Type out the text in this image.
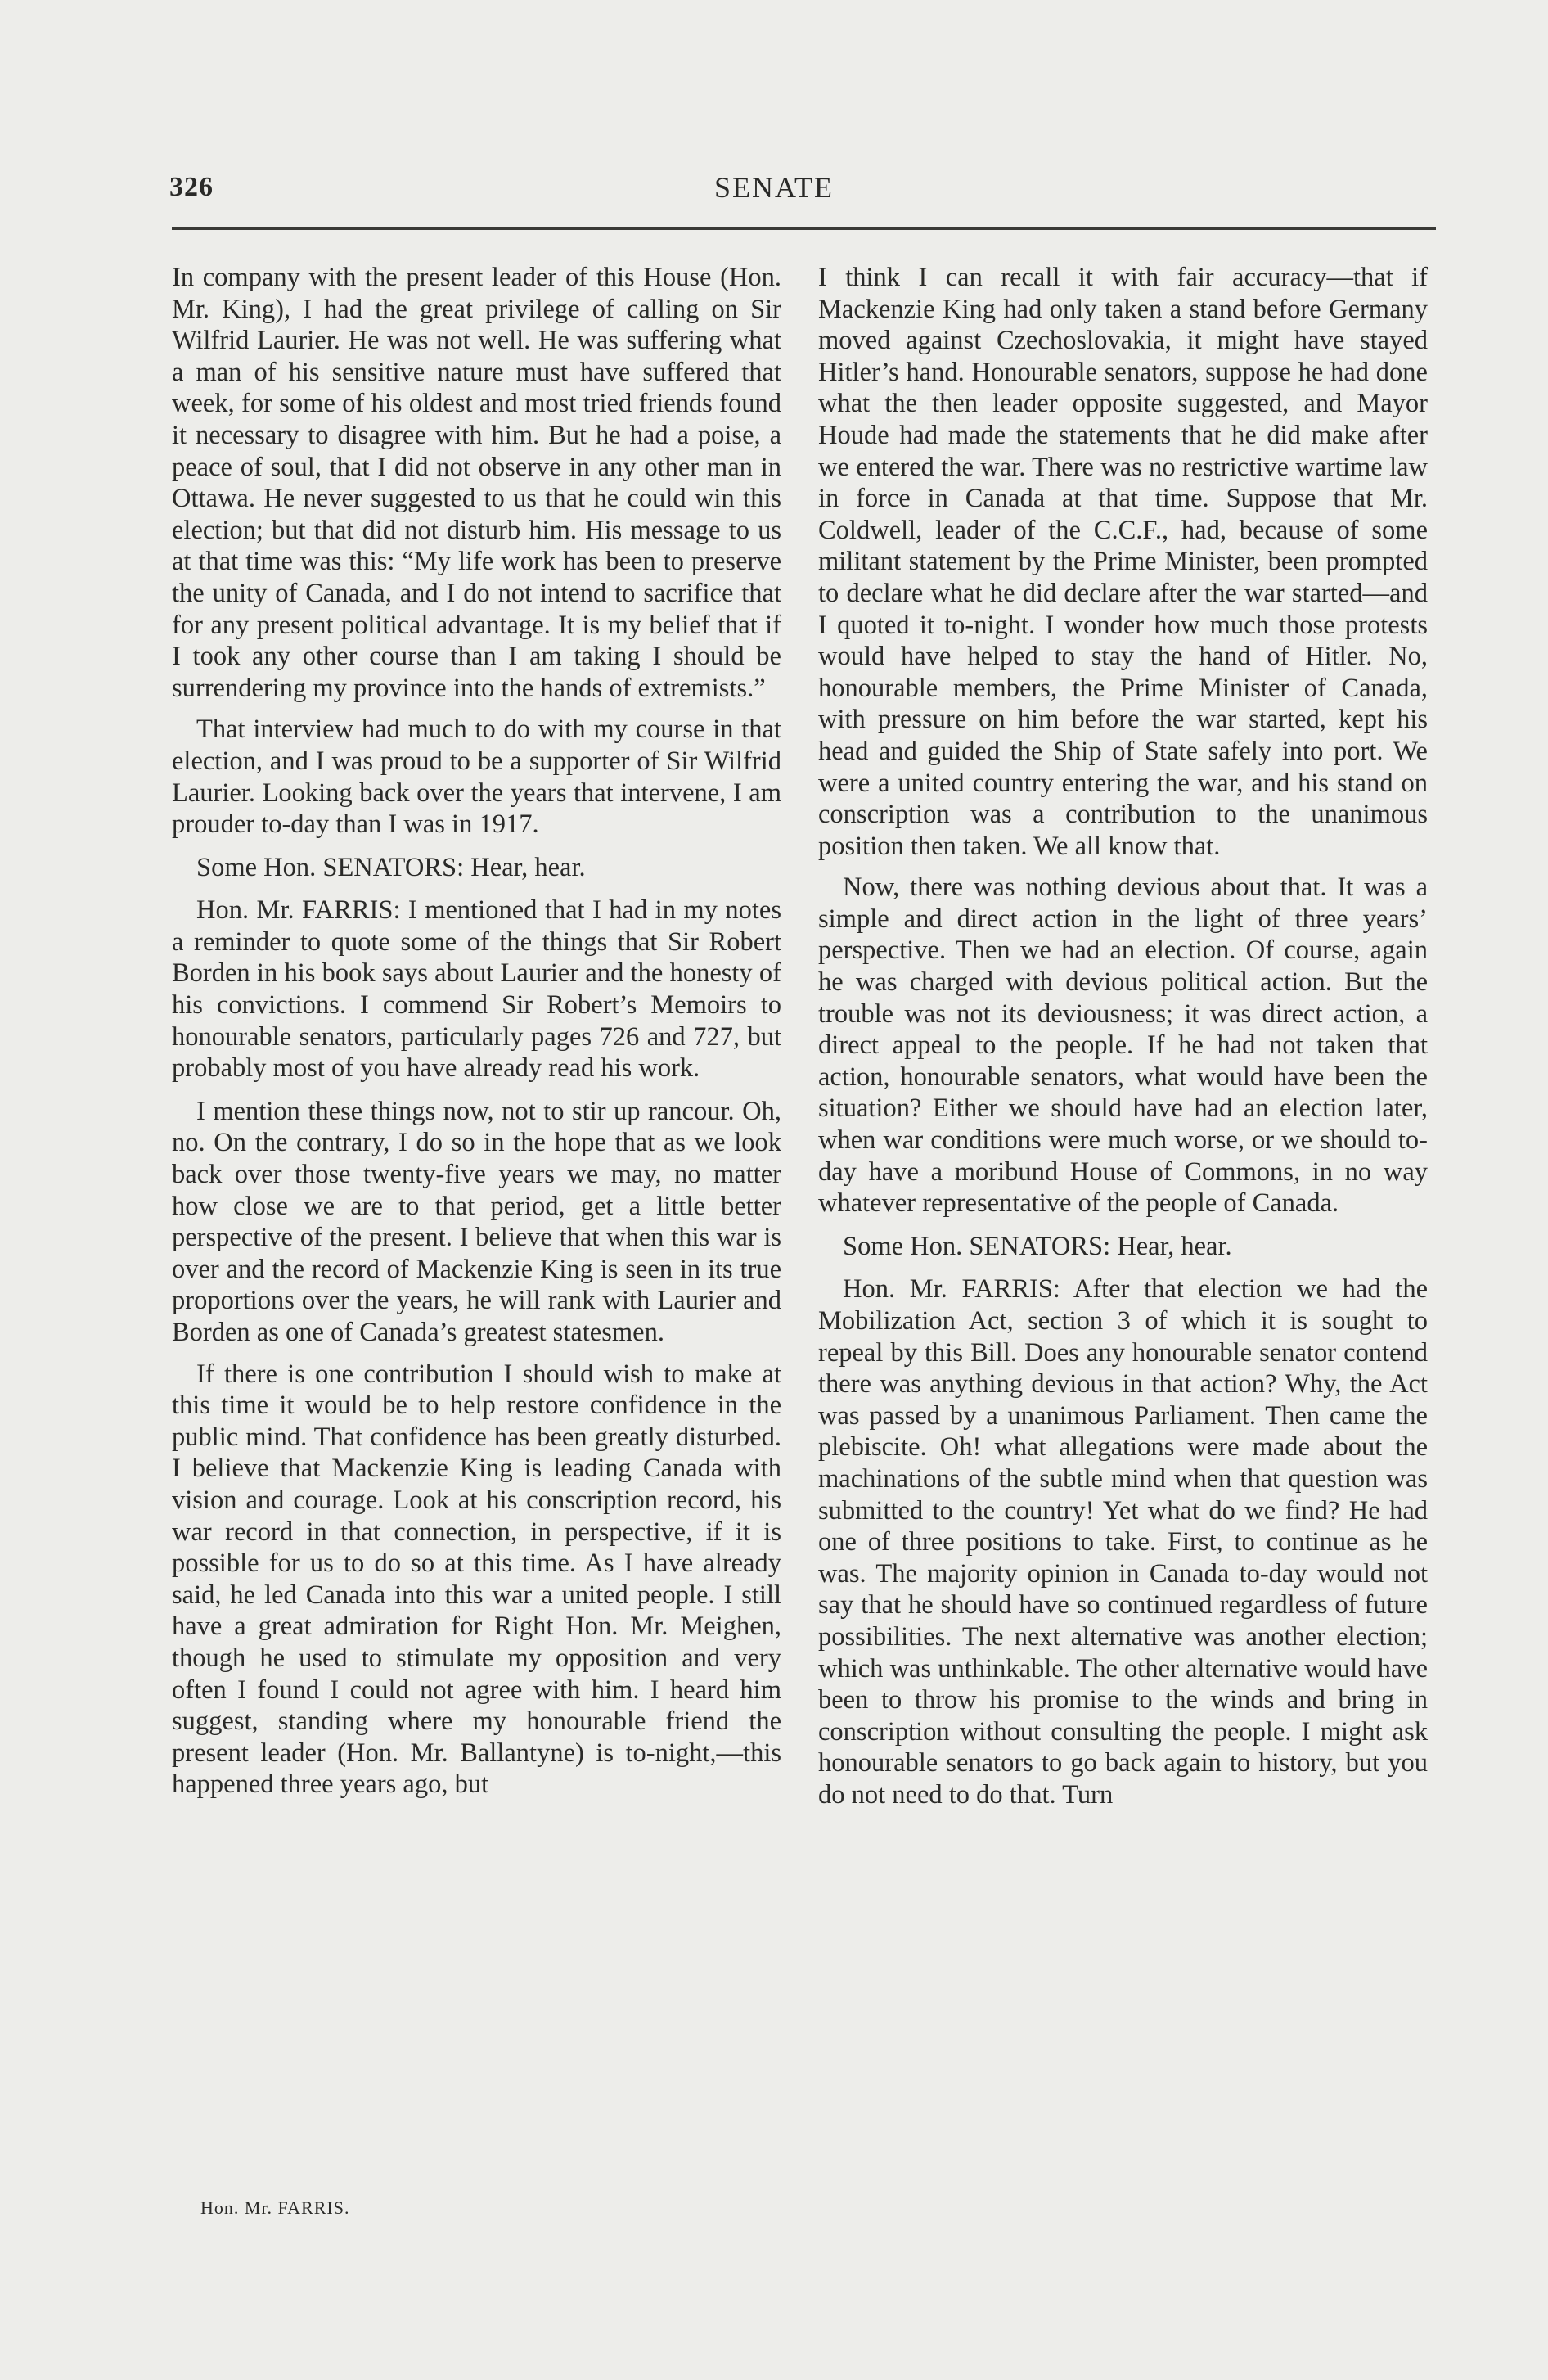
326	SENATE

In company with the present leader of this House (Hon. Mr. King), I had the great privilege of calling on Sir Wilfrid Laurier. He was not well. He was suffering what a man of his sensitive nature must have suffered that week, for some of his oldest and most tried friends found it necessary to disagree with him. But he had a poise, a peace of soul, that I did not observe in any other man in Ottawa. He never suggested to us that he could win this election; but that did not disturb him. His message to us at that time was this: “My life work has been to preserve the unity of Canada, and I do not intend to sacrifice that for any present political advantage. It is my belief that if I took any other course than I am taking I should be surrendering my province into the hands of extremists.”

That interview had much to do with my course in that election, and I was proud to be a supporter of Sir Wilfrid Laurier. Looking back over the years that intervene, I am prouder to-day than I was in 1917.

Some Hon. SENATORS: Hear, hear.

Hon. Mr. FARRIS: I mentioned that I had in my notes a reminder to quote some of the things that Sir Robert Borden in his book says about Laurier and the honesty of his convictions. I commend Sir Robert’s Memoirs to honourable senators, particularly pages 726 and 727, but probably most of you have already read his work.

I mention these things now, not to stir up rancour. Oh, no. On the contrary, I do so in the hope that as we look back over those twenty-five years we may, no matter how close we are to that period, get a little better perspective of the present. I believe that when this war is over and the record of Mackenzie King is seen in its true proportions over the years, he will rank with Laurier and Borden as one of Canada’s greatest statesmen.

If there is one contribution I should wish to make at this time it would be to help restore confidence in the public mind. That confidence has been greatly disturbed. I believe that Mackenzie King is leading Canada with vision and courage. Look at his conscription record, his war record in that connection, in perspective, if it is possible for us to do so at this time. As I have already said, he led Canada into this war a united people. I still have a great admiration for Right Hon. Mr. Meighen, though he used to stimulate my opposition and very often I found I could not agree with him. I heard him suggest, standing where my honourable friend the present leader (Hon. Mr. Ballantyne) is to-night,—this happened three years ago, but

I think I can recall it with fair accuracy—that if Mackenzie King had only taken a stand before Germany moved against Czechoslovakia, it might have stayed Hitler’s hand. Honourable senators, suppose he had done what the then leader opposite suggested, and Mayor Houde had made the statements that he did make after we entered the war. There was no restrictive wartime law in force in Canada at that time. Suppose that Mr. Coldwell, leader of the C.C.F., had, because of some militant statement by the Prime Minister, been prompted to declare what he did declare after the war started—and I quoted it to-night. I wonder how much those protests would have helped to stay the hand of Hitler. No, honourable members, the Prime Minister of Canada, with pressure on him before the war started, kept his head and guided the Ship of State safely into port. We were a united country entering the war, and his stand on conscription was a contribution to the unanimous position then taken. We all know that.

Now, there was nothing devious about that. It was a simple and direct action in the light of three years’ perspective. Then we had an election. Of course, again he was charged with devious political action. But the trouble was not its deviousness; it was direct action, a direct appeal to the people. If he had not taken that action, honourable senators, what would have been the situation? Either we should have had an election later, when war conditions were much worse, or we should to-day have a moribund House of Commons, in no way whatever representative of the people of Canada.

Some Hon. SENATORS: Hear, hear.

Hon. Mr. FARRIS: After that election we had the Mobilization Act, section 3 of which it is sought to repeal by this Bill. Does any honourable senator contend there was anything devious in that action? Why, the Act was passed by a unanimous Parliament. Then came the plebiscite. Oh! what allegations were made about the machinations of the subtle mind when that question was submitted to the country! Yet what do we find? He had one of three positions to take. First, to continue as he was. The majority opinion in Canada to-day would not say that he should have so continued regardless of future possibilities. The next alternative was another election; which was unthinkable. The other alternative would have been to throw his promise to the winds and bring in conscription without consulting the people. I might ask honourable senators to go back again to history, but you do not need to do that. Turn

Hon. Mr. FARRIS.
